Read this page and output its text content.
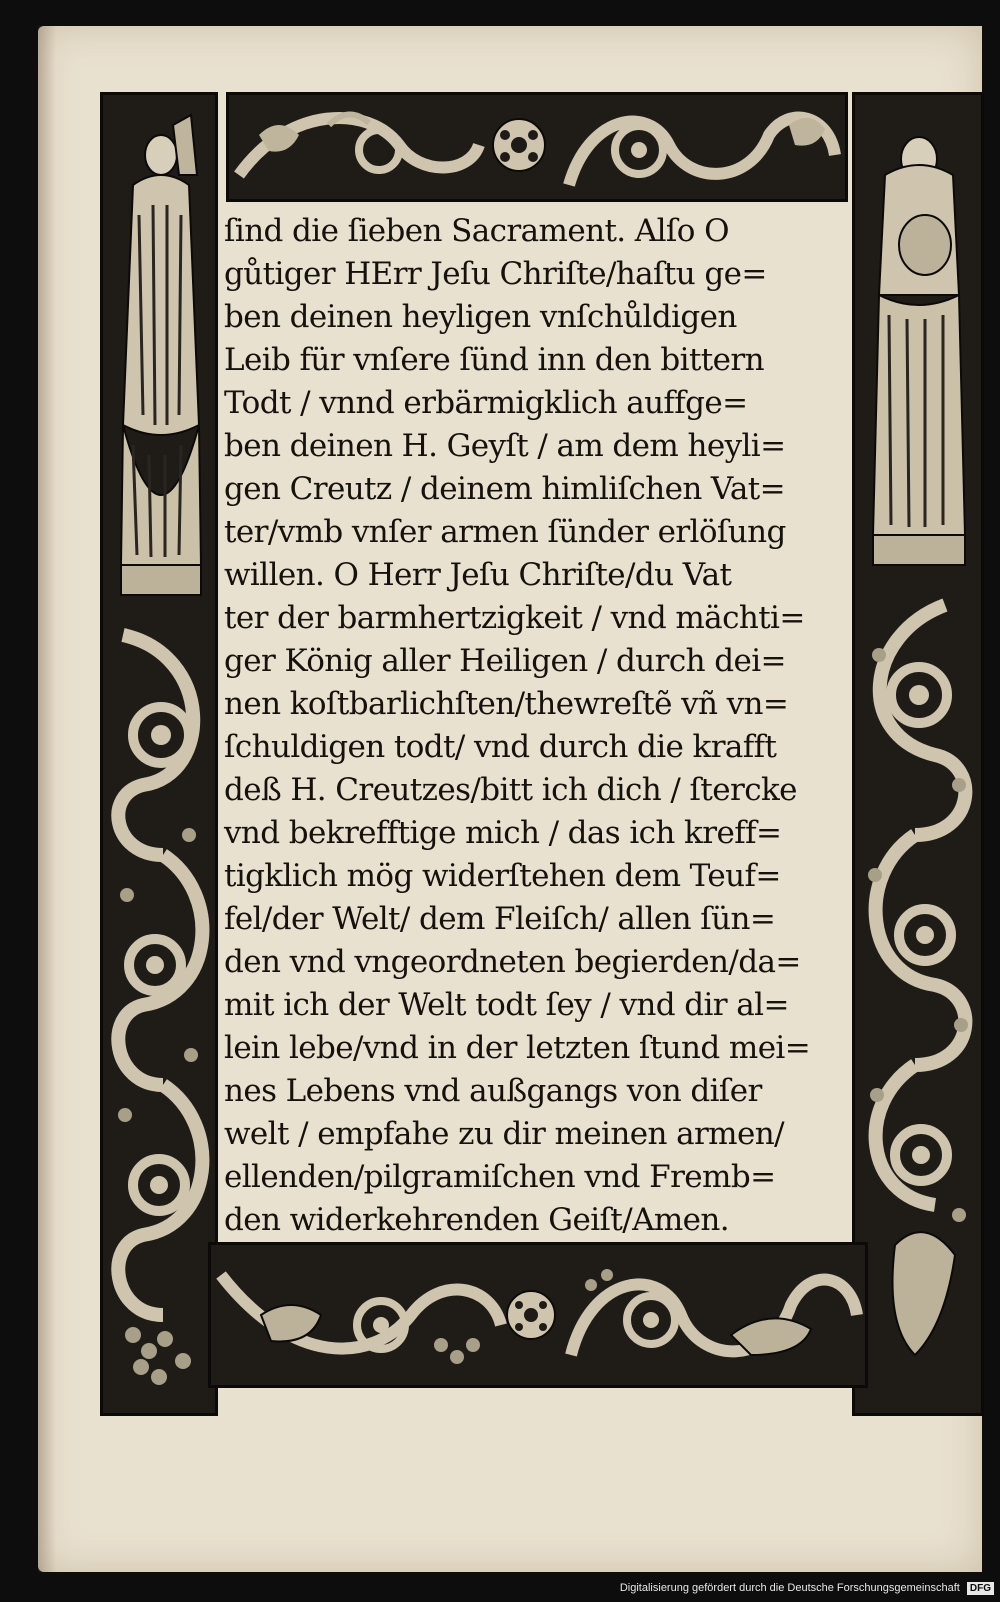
ſind die ſieben Sacrament. Alſo O
gůtiger HErr Jeſu Chriſte/haſtu ge=
ben deinen heyligen vnſchůldigen
Leib für vnſere ſünd inn den bittern
Todt / vnnd erbärmigklich auffge=
ben deinen H. Geyſt / am dem heyli=
gen Creutz / deinem himliſchen Vat=
ter/vmb vnſer armen ſünder erlöſung
willen. O Herr Jeſu Chriſte/du Vat
ter der barmhertzigkeit / vnd mächti=
ger König aller Heiligen / durch dei=
nen koſtbarlichſten/thewreſtẽ vñ vn=
ſchuldigen todt/ vnd durch die krafft
deß H. Creutzes/bitt ich dich / ſtercke
vnd bekrefftige mich / das ich kreff=
tigklich mög widerſtehen dem Teuf=
fel/der Welt/ dem Fleiſch/ allen ſün=
den vnd vngeordneten begierden/da=
mit ich der Welt todt ſey / vnd dir al=
lein lebe/vnd in der letzten ſtund mei=
nes Lebens vnd außgangs von diſer
welt / empfahe zu dir meinen armen/
ellenden/pilgramiſchen vnd Fremb=
den widerkehrenden Geiſt/Amen.
Digitalisierung gefördert durch die Deutsche Forschungsgemeinschaft DFG
